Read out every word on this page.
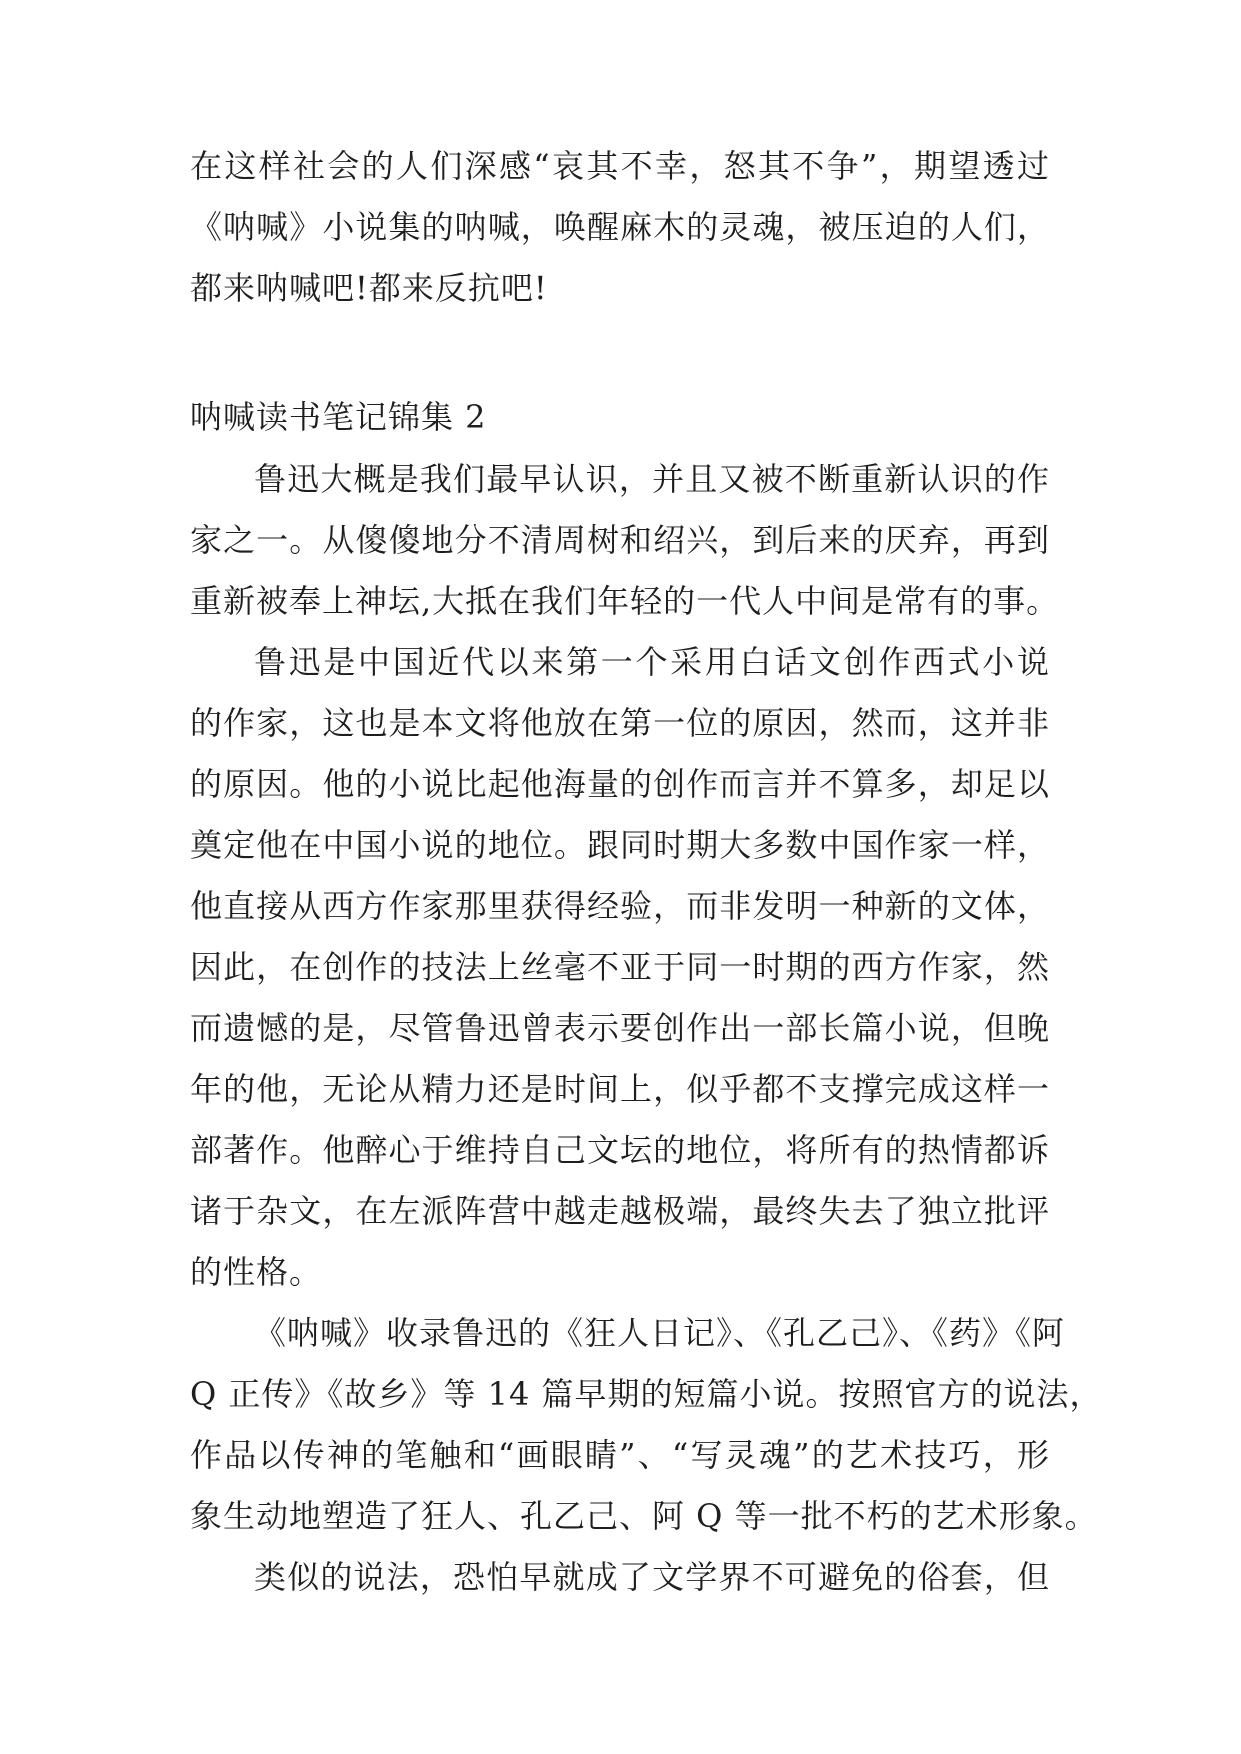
在这样社会的人们深感“哀其不幸，怒其不争”，期望透过
《呐喊》小说集的呐喊，唤醒麻木的灵魂，被压迫的人们，
都来呐喊吧!都来反抗吧!
呐喊读书笔记锦集 2
鲁迅大概是我们最早认识，并且又被不断重新认识的作
家之一。从傻傻地分不清周树和绍兴，到后来的厌弃，再到
重新被奉上神坛,大抵在我们年轻的一代人中间是常有的事。
鲁迅是中国近代以来第一个采用白话文创作西式小说
的作家，这也是本文将他放在第一位的原因，然而，这并非
的原因。他的小说比起他海量的创作而言并不算多，却足以
奠定他在中国小说的地位。跟同时期大多数中国作家一样，
他直接从西方作家那里获得经验，而非发明一种新的文体，
因此，在创作的技法上丝毫不亚于同一时期的西方作家，然
而遗憾的是，尽管鲁迅曾表示要创作出一部长篇小说，但晚
年的他，无论从精力还是时间上，似乎都不支撑完成这样一
部著作。他醉心于维持自己文坛的地位，将所有的热情都诉
诸于杂文，在左派阵营中越走越极端，最终失去了独立批评
的性格。
《呐喊》收录鲁迅的《狂人日记》、《孔乙己》、《药》《阿
Q 正传》《故乡》等 14 篇早期的短篇小说。按照官方的说法，
作品以传神的笔触和“画眼睛”、“写灵魂”的艺术技巧，形
象生动地塑造了狂人、孔乙己、阿 Q 等一批不朽的艺术形象。
类似的说法，恐怕早就成了文学界不可避免的俗套，但
